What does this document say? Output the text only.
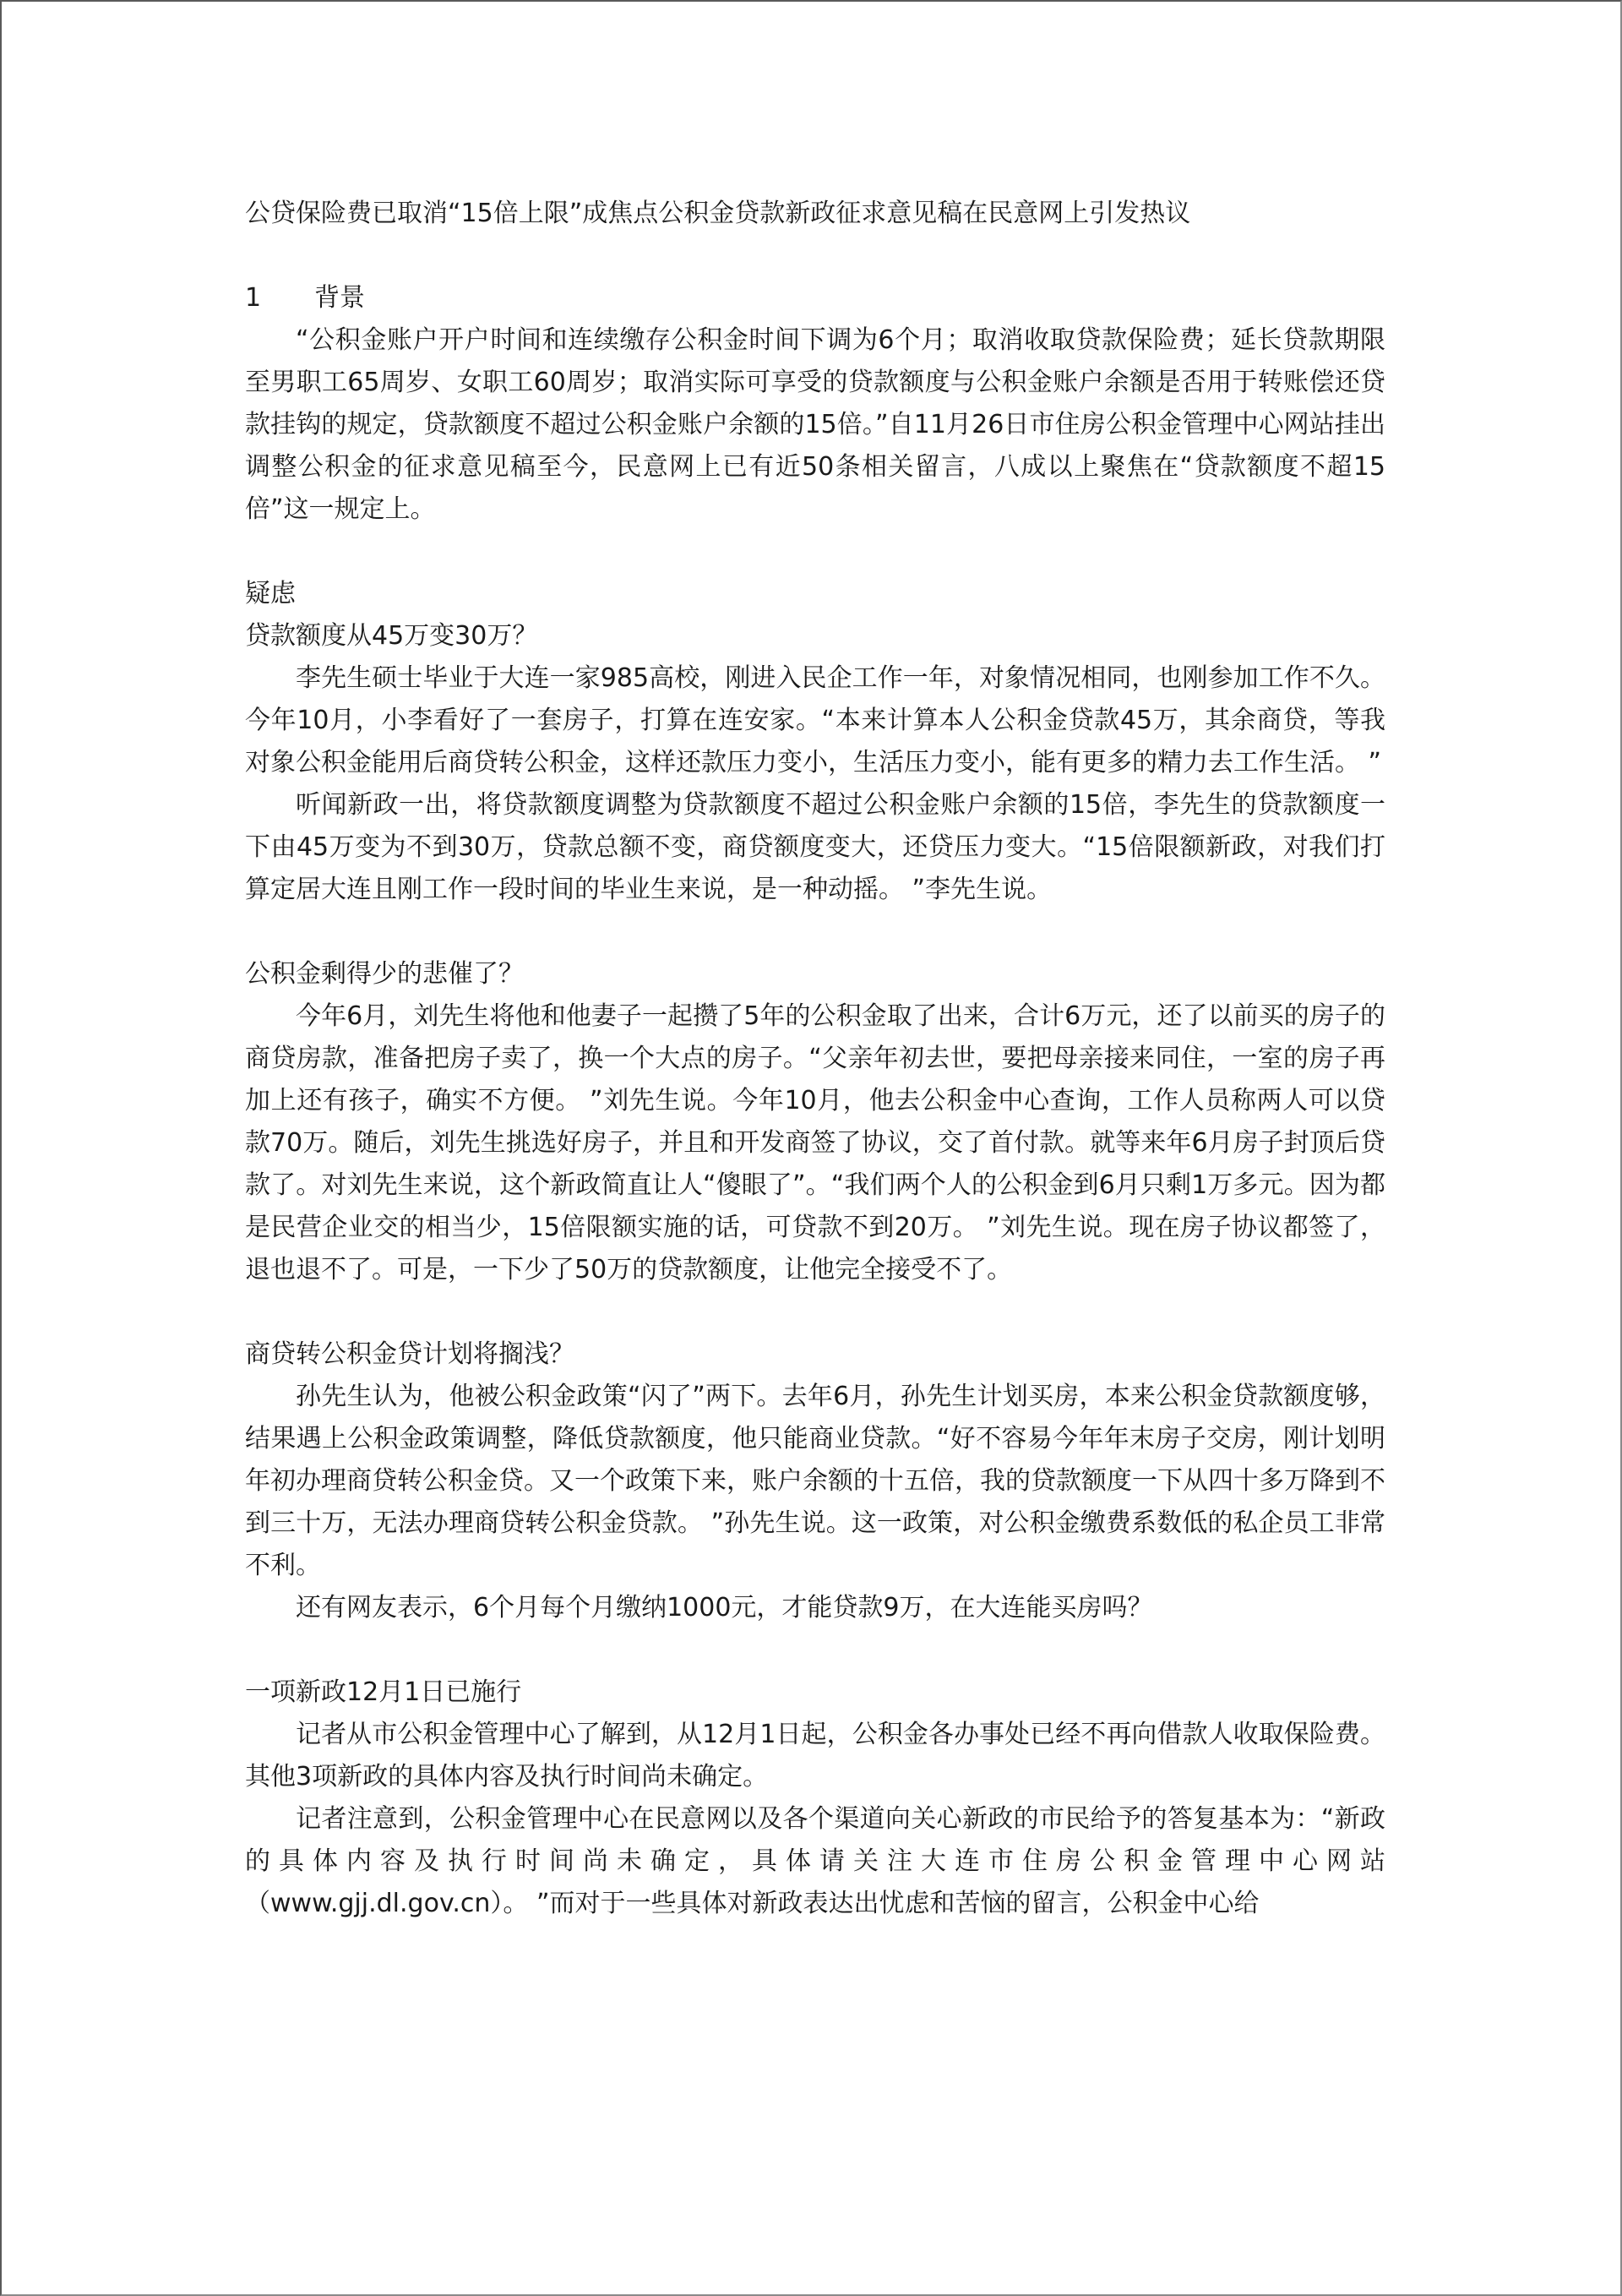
公贷保险费已取消“15倍上限”成焦点公积金贷款新政征求意见稿在民意网上引发热议
1 背景

“公积金账户开户时间和连续缴存公积金时间下调为6个月；取消收取贷款保险费；延长贷款期限至男职工65周岁、女职工60周岁；取消实际可享受的贷款额度与公积金账户余额是否用于转账偿还贷款挂钩的规定，贷款额度不超过公积金账户余额的15倍。”自11月26日市住房公积金管理中心网站挂出调整公积金的征求意见稿至今，民意网上已有近50条相关留言，八成以上聚焦在“贷款额度不超15倍”这一规定上。

疑虑

贷款额度从45万变30万？

李先生硕士毕业于大连一家985高校，刚进入民企工作一年，对象情况相同，也刚参加工作不久。今年10月，小李看好了一套房子，打算在连安家。“本来计算本人公积金贷款45万，其余商贷，等我对象公积金能用后商贷转公积金，这样还款压力变小，生活压力变小，能有更多的精力去工作生活。 ”

听闻新政一出，将贷款额度调整为贷款额度不超过公积金账户余额的15倍，李先生的贷款额度一下由45万变为不到30万，贷款总额不变，商贷额度变大，还贷压力变大。“15倍限额新政，对我们打算定居大连且刚工作一段时间的毕业生来说，是一种动摇。 ”李先生说。

公积金剩得少的悲催了？

今年6月，刘先生将他和他妻子一起攒了5年的公积金取了出来，合计6万元，还了以前买的房子的商贷房款，准备把房子卖了，换一个大点的房子。“父亲年初去世，要把母亲接来同住，一室的房子再加上还有孩子，确实不方便。 ”刘先生说。今年10月，他去公积金中心查询，工作人员称两人可以贷款70万。随后，刘先生挑选好房子，并且和开发商签了协议，交了首付款。就等来年6月房子封顶后贷款了。对刘先生来说，这个新政简直让人“傻眼了”。“我们两个人的公积金到6月只剩1万多元。因为都是民营企业交的相当少，15倍限额实施的话，可贷款不到20万。 ”刘先生说。现在房子协议都签了，退也退不了。可是，一下少了50万的贷款额度，让他完全接受不了。

商贷转公积金贷计划将搁浅？

孙先生认为，他被公积金政策“闪了”两下。去年6月，孙先生计划买房，本来公积金贷款额度够，结果遇上公积金政策调整，降低贷款额度，他只能商业贷款。“好不容易今年年末房子交房，刚计划明年初办理商贷转公积金贷。又一个政策下来，账户余额的十五倍，我的贷款额度一下从四十多万降到不到三十万，无法办理商贷转公积金贷款。 ”孙先生说。这一政策，对公积金缴费系数低的私企员工非常不利。

还有网友表示，6个月每个月缴纳1000元，才能贷款9万，在大连能买房吗？

一项新政12月1日已施行

记者从市公积金管理中心了解到，从12月1日起，公积金各办事处已经不再向借款人收取保险费。其他3项新政的具体内容及执行时间尚未确定。

记者注意到，公积金管理中心在民意网以及各个渠道向关心新政的市民给予的答复基本为：“新政的具体内容及执行时间尚未确定，具体请关注大连市住房公积金管理中心网站（www.gjj.dl.gov.cn）。 ”而对于一些具体对新政表达出忧虑和苦恼的留言，公积金中心给
